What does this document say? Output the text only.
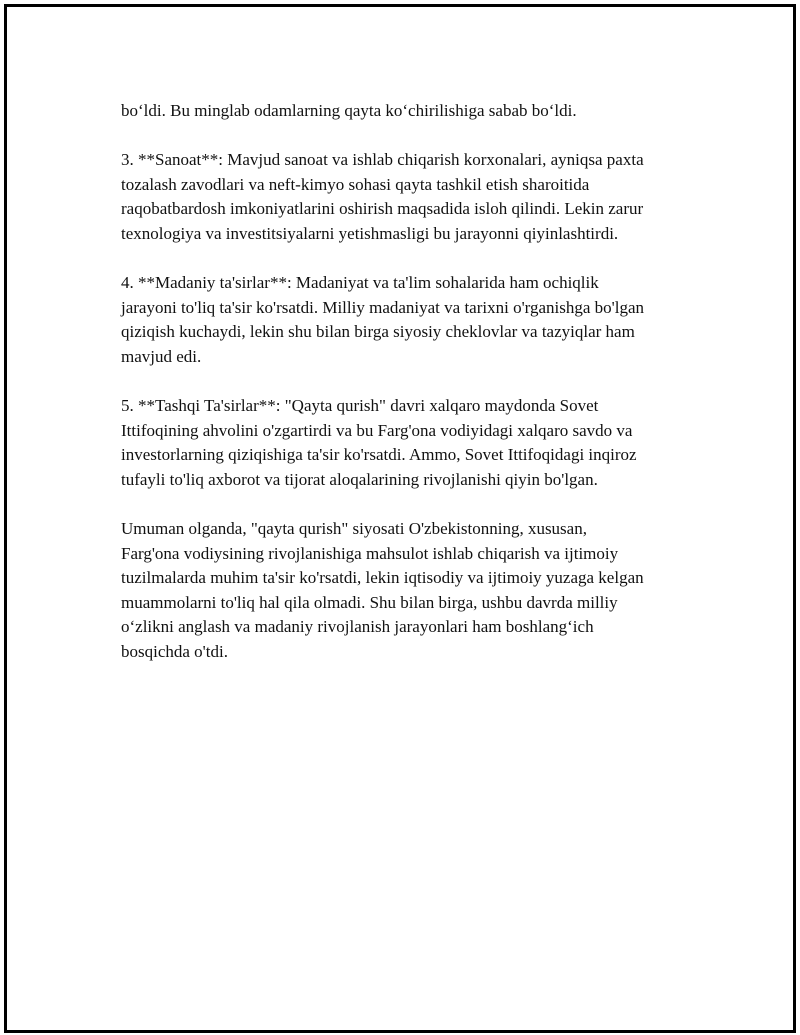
bo‘ldi. Bu minglab odamlarning qayta ko‘chirilishiga sabab bo‘ldi.

3. **Sanoat**: Mavjud sanoat va ishlab chiqarish korxonalari, ayniqsa paxta
tozalash zavodlari va neft-kimyo sohasi qayta tashkil etish sharoitida
raqobatbardosh imkoniyatlarini oshirish maqsadida isloh qilindi. Lekin zarur
texnologiya va investitsiyalarni yetishmasligi bu jarayonni qiyinlashtirdi.

4. **Madaniy ta'sirlar**: Madaniyat va ta'lim sohalarida ham ochiqlik
jarayoni to'liq ta'sir ko'rsatdi. Milliy madaniyat va tarixni o'rganishga bo'lgan
qiziqish kuchaydi, lekin shu bilan birga siyosiy cheklovlar va tazyiqlar ham
mavjud edi.

5. **Tashqi Ta'sirlar**: "Qayta qurish" davri xalqaro maydonda Sovet
Ittifoqining ahvolini o'zgartirdi va bu Farg'ona vodiyidagi xalqaro savdo va
investorlarning qiziqishiga ta'sir ko'rsatdi. Ammo, Sovet Ittifoqidagi inqiroz
tufayli to'liq axborot va tijorat aloqalarining rivojlanishi qiyin bo'lgan.

Umuman olganda, "qayta qurish" siyosati O'zbekistonning, xususan,
Farg'ona vodiysining rivojlanishiga mahsulot ishlab chiqarish va ijtimoiy
tuzilmalarda muhim ta'sir ko'rsatdi, lekin iqtisodiy va ijtimoiy yuzaga kelgan
muammolarni to'liq hal qila olmadi. Shu bilan birga, ushbu davrda milliy
o‘zlikni anglash va madaniy rivojlanish jarayonlari ham boshlang‘ich
bosqichda o'tdi.
